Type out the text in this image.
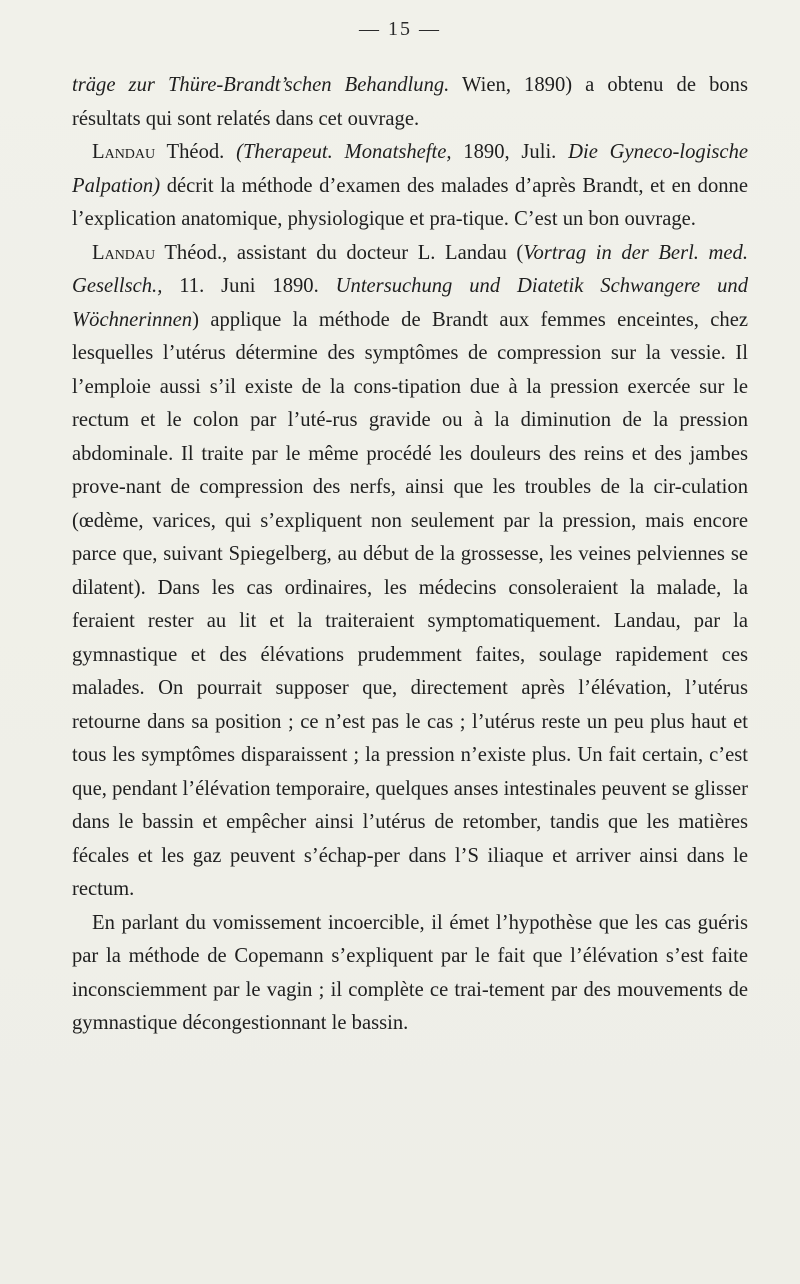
— 15 —

träge zur Thüre-Brandt’schen Behandlung. Wien, 1890) a obtenu de bons résultats qui sont relatés dans cet ouvrage.

Landau Théod. (Therapeut. Monatshefte, 1890, Juli. Die Gyneco-logische Palpation) décrit la méthode d’examen des malades d’après Brandt, et en donne l’explication anatomique, physiologique et pra-tique. C’est un bon ouvrage.

Landau Théod., assistant du docteur L. Landau (Vortrag in der Berl. med. Gesellsch., 11. Juni 1890. Untersuchung und Diatetik Schwangere und Wöchnerinnen) applique la méthode de Brandt aux femmes enceintes, chez lesquelles l’utérus détermine des symptômes de compression sur la vessie. Il l’emploie aussi s’il existe de la cons-tipation due à la pression exercée sur le rectum et le colon par l’uté-rus gravide ou à la diminution de la pression abdominale. Il traite par le même procédé les douleurs des reins et des jambes prove-nant de compression des nerfs, ainsi que les troubles de la cir-culation (œdème, varices, qui s’expliquent non seulement par la pression, mais encore parce que, suivant Spiegelberg, au début de la grossesse, les veines pelviennes se dilatent). Dans les cas ordinaires, les médecins consoleraient la malade, la feraient rester au lit et la traiteraient symptomatiquement. Landau, par la gymnastique et des élévations prudemment faites, soulage rapidement ces malades. On pourrait supposer que, directement après l’élévation, l’utérus retourne dans sa position ; ce n’est pas le cas ; l’utérus reste un peu plus haut et tous les symptômes disparaissent ; la pression n’existe plus. Un fait certain, c’est que, pendant l’élévation temporaire, quelques anses intestinales peuvent se glisser dans le bassin et empêcher ainsi l’utérus de retomber, tandis que les matières fécales et les gaz peuvent s’échap-per dans l’S iliaque et arriver ainsi dans le rectum.

En parlant du vomissement incoercible, il émet l’hypothèse que les cas guéris par la méthode de Copemann s’expliquent par le fait que l’élévation s’est faite inconsciemment par le vagin ; il complète ce trai-tement par des mouvements de gymnastique décongestionnant le bassin.
